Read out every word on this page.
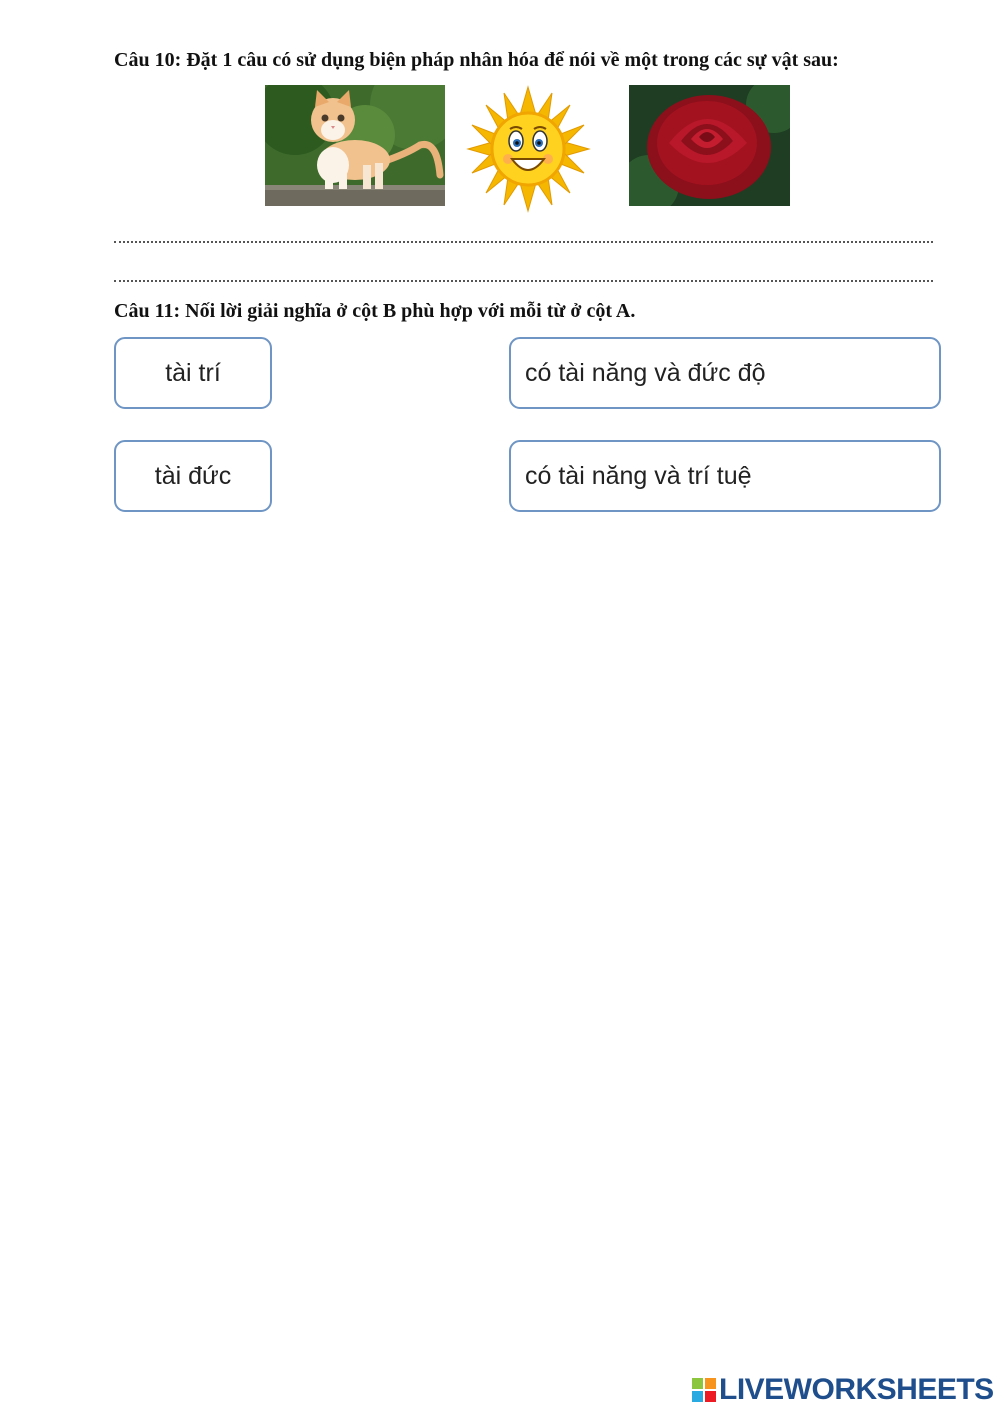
Câu 10: Đặt 1 câu có sử dụng biện pháp nhân hóa để nói về một trong các sự vật sau:
Câu 11: Nối lời giải nghĩa ở cột B phù hợp với mỗi từ ở cột A.
tài trí
tài đức
có tài năng và đức độ
có tài năng và trí tuệ
LIVEWORKSHEETS
